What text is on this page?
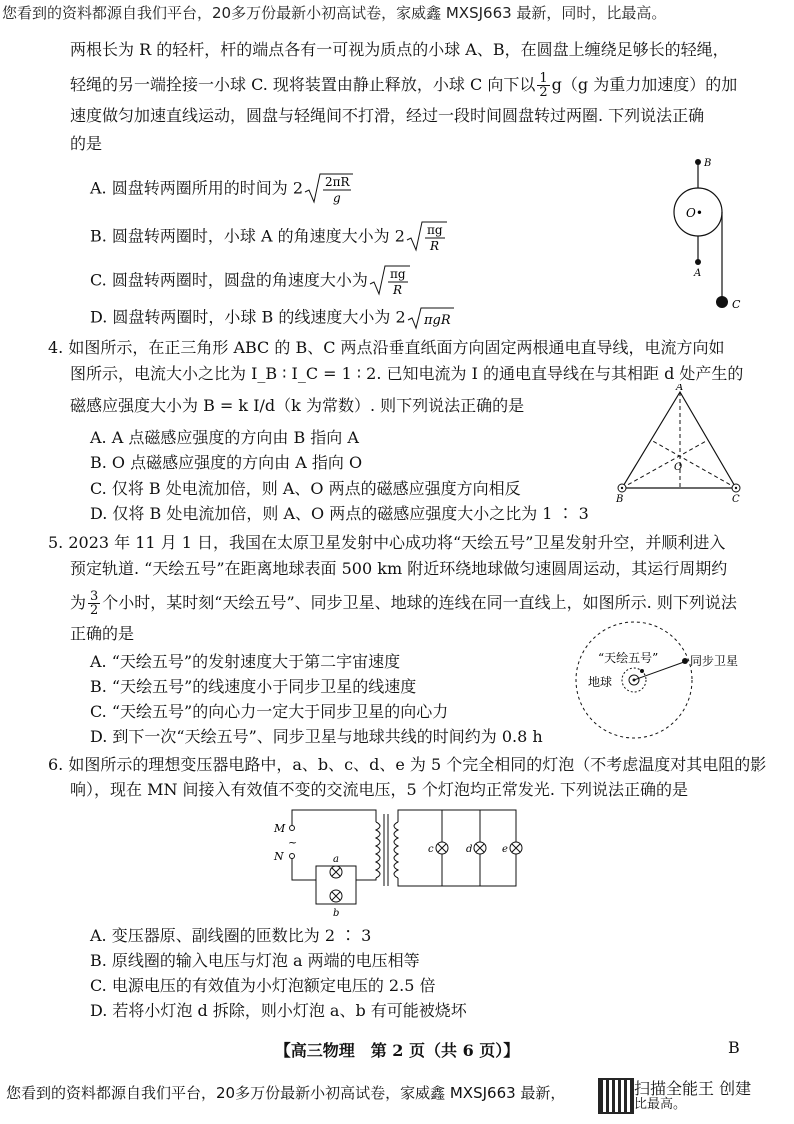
您看到的资料都源自我们平台，20多万份最新小初高试卷，家威鑫 MXSJ663 最新，同时，比最高。
两根长为 R 的轻杆，杆的端点各有一可视为质点的小球 A、B，在圆盘上缠绕足够长的轻绳，
轻绳的另一端拴接一小球 C. 现将装置由静止释放，小球 C 向下以 $\frac{1}{2} g(g$ 为重力加速度）的加
速度做匀加速直线运动，圆盘与轻绳间不打滑，经过一段时间圆盘转过两圈. 下列说法正确
的是
A. 圆盘转两圈所用的时间为 2 2πR
g
B. 圆盘转两圈时，小球 A 的角速度大小为 2 πg
R
C. 圆盘转两圈时，圆盘的角速度大小为 πg
R
D. 圆盘转两圈时，小球 B 的线速度大小为 2 πgR
B
O•
A
C
4. 如图所示，在正三角形 ABC 的 B、C 两点沿垂直纸面方向固定两根通电直导线，电流方向如
图所示，电流大小之比为 I_B ∶ I_C = 1 ∶ 2. 已知电流为 I 的通电直导线在与其相距 d 处产生的
磁感应强度大小为 B = k I/d（k 为常数）. 则下列说法正确的是
A. A 点磁感应强度的方向由 B 指向 A
B. O 点磁感应强度的方向由 A 指向 O
C. 仅将 B 处电流加倍，则 A、O 两点的磁感应强度方向相反
D. 仅将 B 处电流加倍，则 A、O 两点的磁感应强度大小之比为 1 ∶ 3
A
O
B	C
5. 2023 年 11 月 1 日，我国在太原卫星发射中心成功将“天绘五号”卫星发射升空，并顺利进入
预定轨道. “天绘五号”在距离地球表面 500 km 附近环绕地球做匀速圆周运动，其运行周期约
为 $\frac{3}{2}$ 个小时，某时刻“天绘五号”、同步卫星、地球的连线在同一直线上，如图所示. 则下列说法
正确的是
A. “天绘五号”的发射速度大于第二宇宙速度
B. “天绘五号”的线速度小于同步卫星的线速度
C. “天绘五号”的向心力一定大于同步卫星的向心力
D. 到下一次“天绘五号”、同步卫星与地球共线的时间约为 0.8 h
“天绘五号”
地球
同步卫星
6. 如图所示的理想变压器电路中，a、b、c、d、e 为 5 个完全相同的灯泡（不考虑温度对其电阻的影
响），现在 MN 间接入有效值不变的交流电压，5 个灯泡均正常发光. 下列说法正确的是
M
N
~
a
b
c	d	e
A. 变压器原、副线圈的匝数比为 2 ∶ 3
B. 原线圈的输入电压与灯泡 a 两端的电压相等
C. 电源电压的有效值为小灯泡额定电压的 2.5 倍
D. 若将小灯泡 d 拆除，则小灯泡 a、b 有可能被烧坏
【高三物理　第 2 页（共 6 页）】	B
您看到的资料都源自我们平台，20多万份最新小初高试卷，家威鑫 MXSJ663 最新，
比最高。
扫描全能王 创建
